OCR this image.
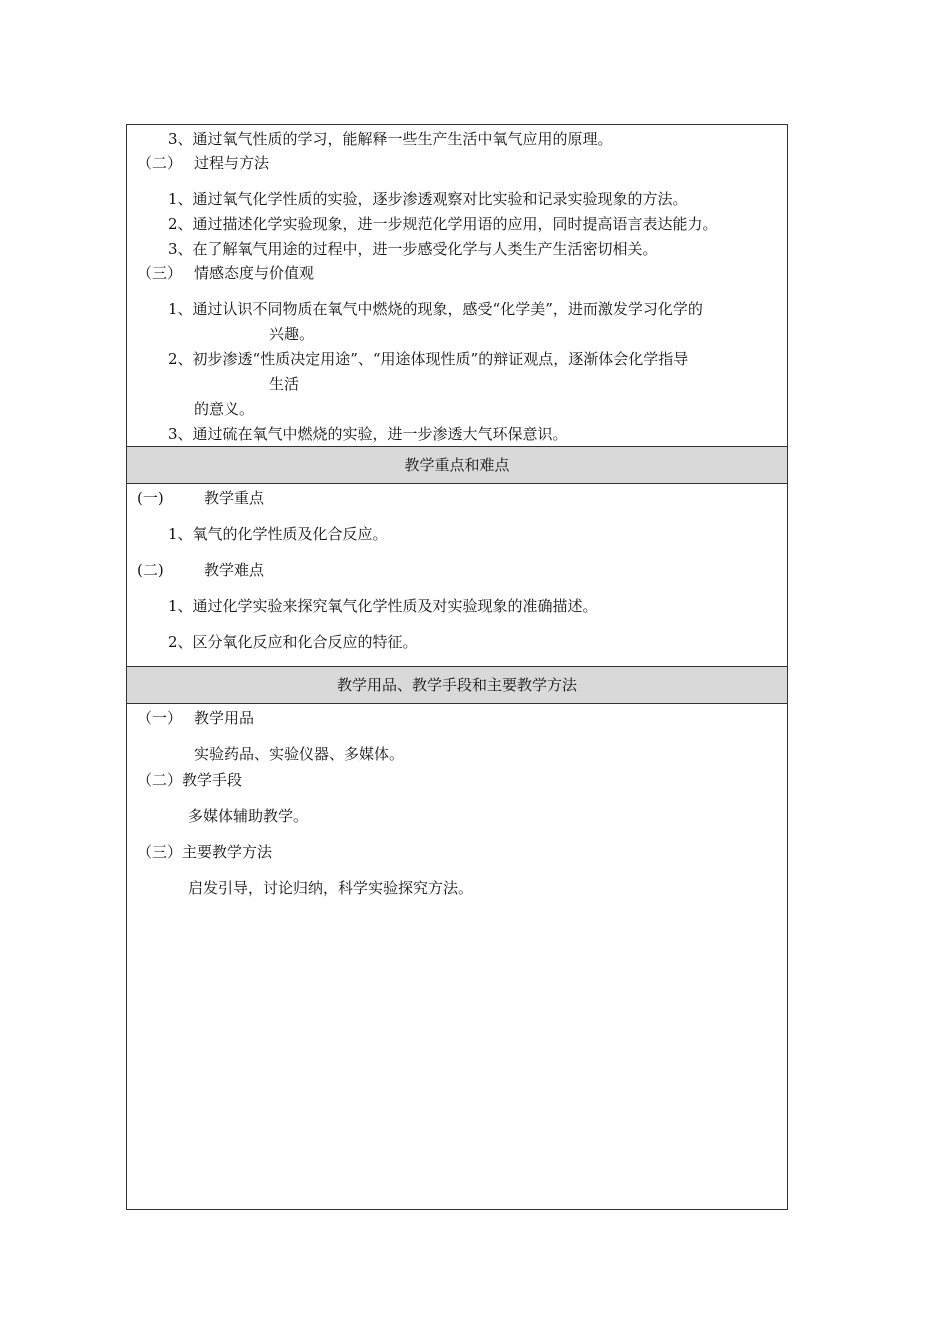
3、通过氧气性质的学习，能解释一些生产生活中氧气应用的原理。
（二） 过程与方法
1、通过氧气化学性质的实验，逐步渗透观察对比实验和记录实验现象的方法。
2、通过描述化学实验现象，进一步规范化学用语的应用，同时提高语言表达能力。
3、在了解氧气用途的过程中，进一步感受化学与人类生产生活密切相关。
（三） 情感态度与价值观
1、通过认识不同物质在氧气中燃烧的现象，感受“化学美”，进而激发学习化学的
兴趣。
2、初步渗透“性质决定用途”、“用途体现性质”的辩证观点，逐渐体会化学指导
生活
的意义。
3、通过硫在氧气中燃烧的实验，进一步渗透大气环保意识。
教学重点和难点
(一)	教学重点
1、氧气的化学性质及化合反应。
(二)	教学难点
1、通过化学实验来探究氧气化学性质及对实验现象的准确描述。
2、区分氧化反应和化合反应的特征。
教学用品、教学手段和主要教学方法
（一） 教学用品
实验药品、实验仪器、多媒体。
（二）教学手段
多媒体辅助教学。
（三）主要教学方法
启发引导，讨论归纳，科学实验探究方法。
